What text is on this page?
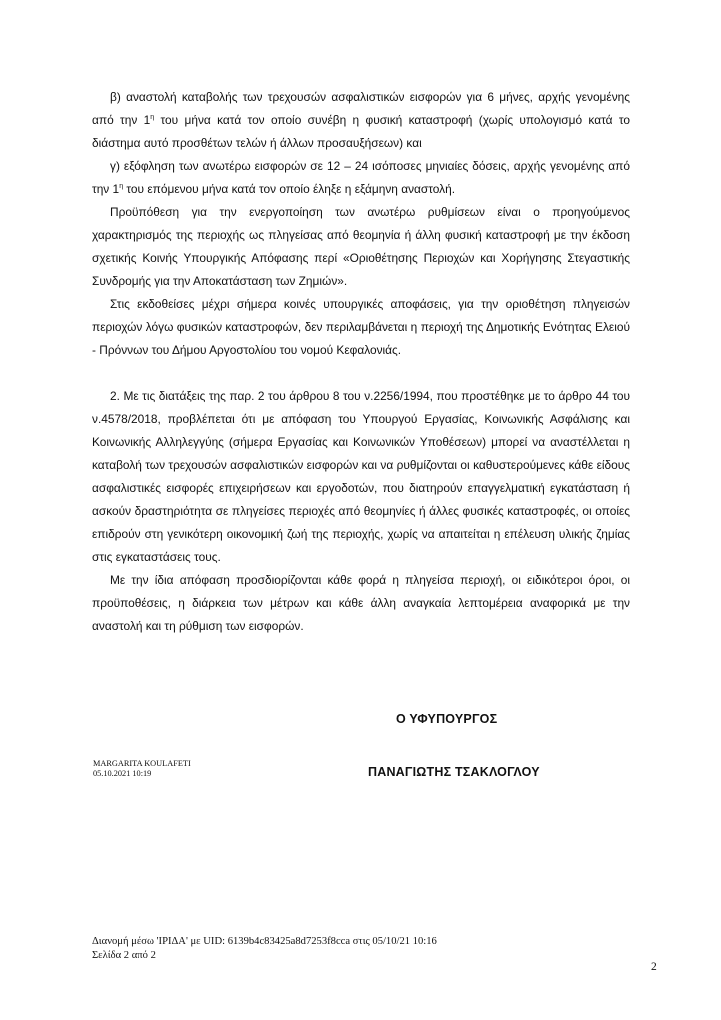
β) αναστολή καταβολής των τρεχουσών ασφαλιστικών εισφορών για 6 μήνες, αρχής γενομένης από την $1^\eta$ του μήνα κατά τον οποίο συνέβη η φυσική καταστροφή (χωρίς υπολογισμό κατά το διάστημα αυτό προσθέτων τελών ή άλλων προσαυξήσεων) και

γ) εξόφληση των ανωτέρω εισφορών σε 12 – 24 ισόποσες μηνιαίες δόσεις, αρχής γενομένης από την $1^\eta$ του επόμενου μήνα κατά τον οποίο έληξε η εξάμηνη αναστολή.

Προϋπόθεση για την ενεργοποίηση των ανωτέρω ρυθμίσεων είναι ο προηγούμενος χαρακτηρισμός της περιοχής ως πληγείσας από θεομηνία ή άλλη φυσική καταστροφή με την έκδοση σχετικής Κοινής Υπουργικής Απόφασης περί «Οριοθέτησης Περιοχών και Χορήγησης Στεγαστικής Συνδρομής για την Αποκατάσταση των Ζημιών».

Στις εκδοθείσες μέχρι σήμερα κοινές υπουργικές αποφάσεις, για την οριοθέτηση πληγεισών περιοχών λόγω φυσικών καταστροφών, δεν περιλαμβάνεται η περιοχή της Δημοτικής Ενότητας Ελειού - Πρόννων του Δήμου Αργοστολίου του νομού Κεφαλονιάς.

2. Με τις διατάξεις της παρ. 2 του άρθρου 8 του ν.2256/1994, που προστέθηκε με το άρθρο 44 του ν.4578/2018, προβλέπεται ότι με απόφαση του Υπουργού Εργασίας, Κοινωνικής Ασφάλισης και Κοινωνικής Αλληλεγγύης (σήμερα Εργασίας και Κοινωνικών Υποθέσεων) μπορεί να αναστέλλεται η καταβολή των τρεχουσών ασφαλιστικών εισφορών και να ρυθμίζονται οι καθυστερούμενες κάθε είδους ασφαλιστικές εισφορές επιχειρήσεων και εργοδοτών, που διατηρούν επαγγελματική εγκατάσταση ή ασκούν δραστηριότητα σε πληγείσες περιοχές από θεομηνίες ή άλλες φυσικές καταστροφές, οι οποίες επιδρούν στη γενικότερη οικονομική ζωή της περιοχής, χωρίς να απαιτείται η επέλευση υλικής ζημίας στις εγκαταστάσεις τους.

Με την ίδια απόφαση προσδιορίζονται κάθε φορά η πληγείσα περιοχή, οι ειδικότεροι όροι, οι προϋποθέσεις, η διάρκεια των μέτρων και κάθε άλλη αναγκαία λεπτομέρεια αναφορικά με την αναστολή και τη ρύθμιση των εισφορών.

Ο ΥΦΥΠΟΥΡΓΟΣ
MARGARITA KOULAFETI
05.10.2021 10:19	ΠΑΝΑΓΙΩΤΗΣ ΤΣΑΚΛΟΓΛΟΥ
Διανομή μέσω 'ΙΡΙΔΑ' με UID: 6139b4c83425a8d7253f8cca στις 05/10/21 10:16
Σελίδα 2 από 2
2
